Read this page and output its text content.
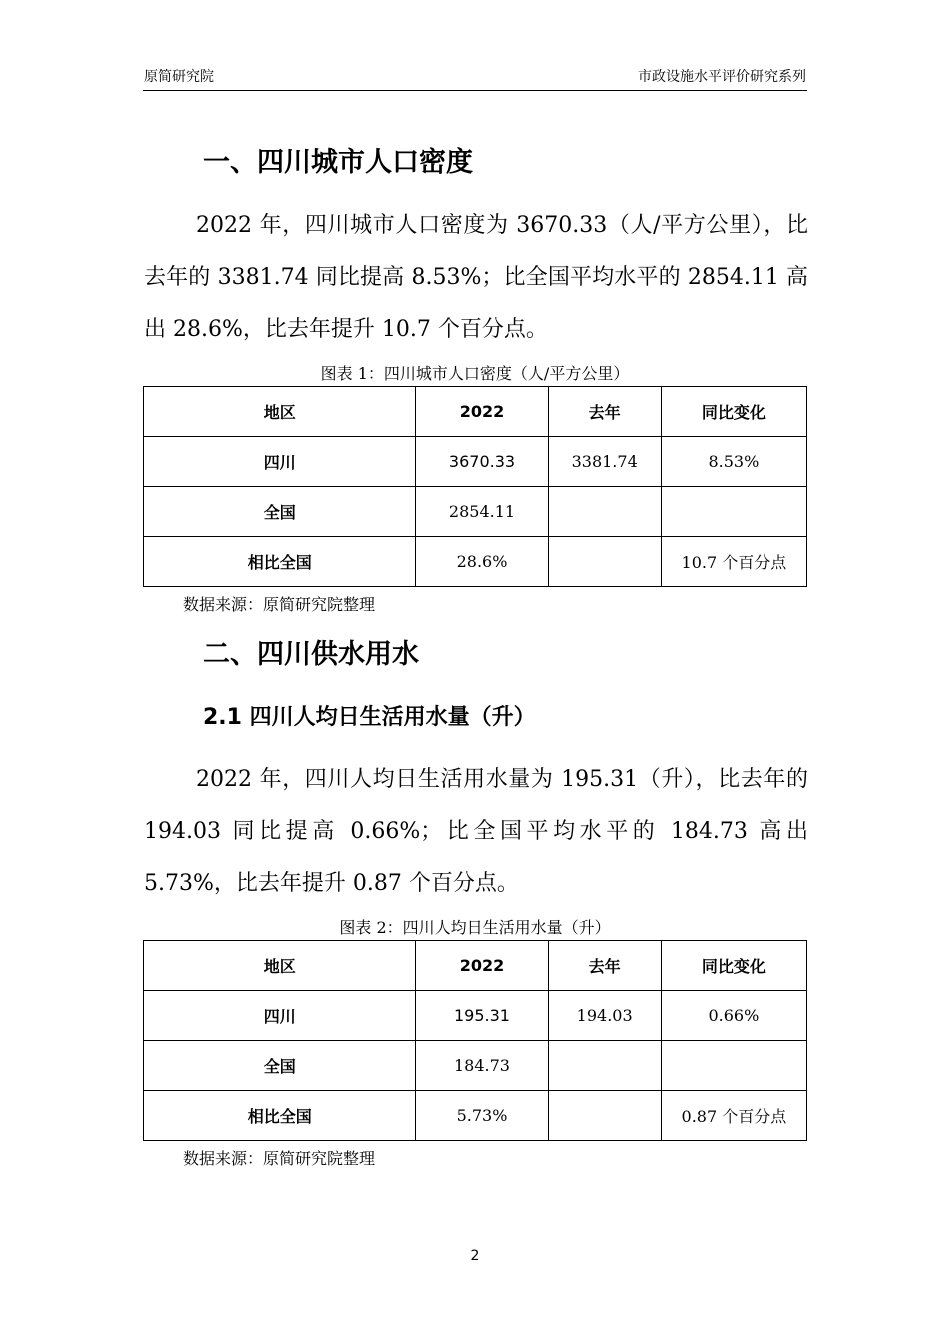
原简研究院	市政设施水平评价研究系列
一、四川城市人口密度

2022 年，四川城市人口密度为 3670.33（人/平方公里），比去年的 3381.74 同比提高 8.53%；比全国平均水平的 2854.11 高出 28.6%，比去年提升 10.7 个百分点。

图表 1：四川城市人口密度（人/平方公里）
地区	2022	去年	同比变化
四川	3670.33	3381.74	8.53%
全国	2854.11		
相比全国	28.6%		10.7 个百分点
数据来源：原简研究院整理
二、四川供水用水
2.1 四川人均日生活用水量（升）

2022 年，四川人均日生活用水量为 195.31（升），比去年的 194.03 同比提高 0.66%；比全国平均水平的 184.73 高出 5.73%，比去年提升 0.87 个百分点。

图表 2：四川人均日生活用水量（升）
地区	2022	去年	同比变化
四川	195.31	194.03	0.66%
全国	184.73		
相比全国	5.73%		0.87 个百分点
数据来源：原简研究院整理
2
